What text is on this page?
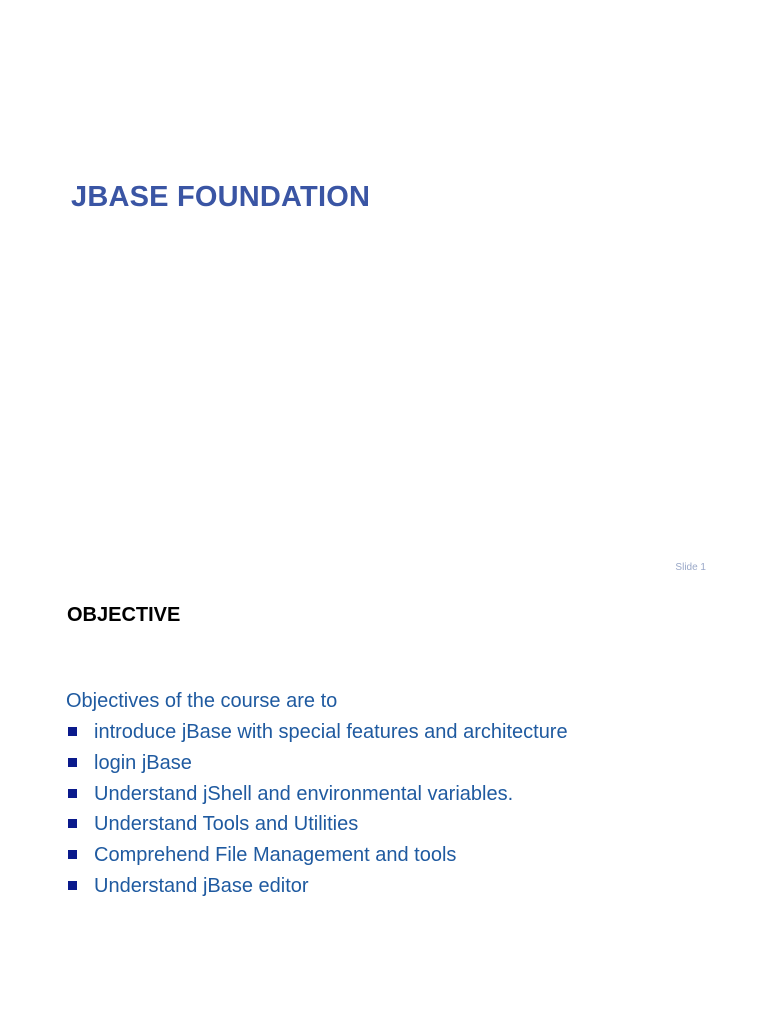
JBASE FOUNDATION
Slide 1
OBJECTIVE
Objectives of the course are to
introduce jBase with special features and architecture
login jBase
Understand jShell and environmental variables.
Understand Tools and Utilities
Comprehend File Management and tools
Understand jBase editor
